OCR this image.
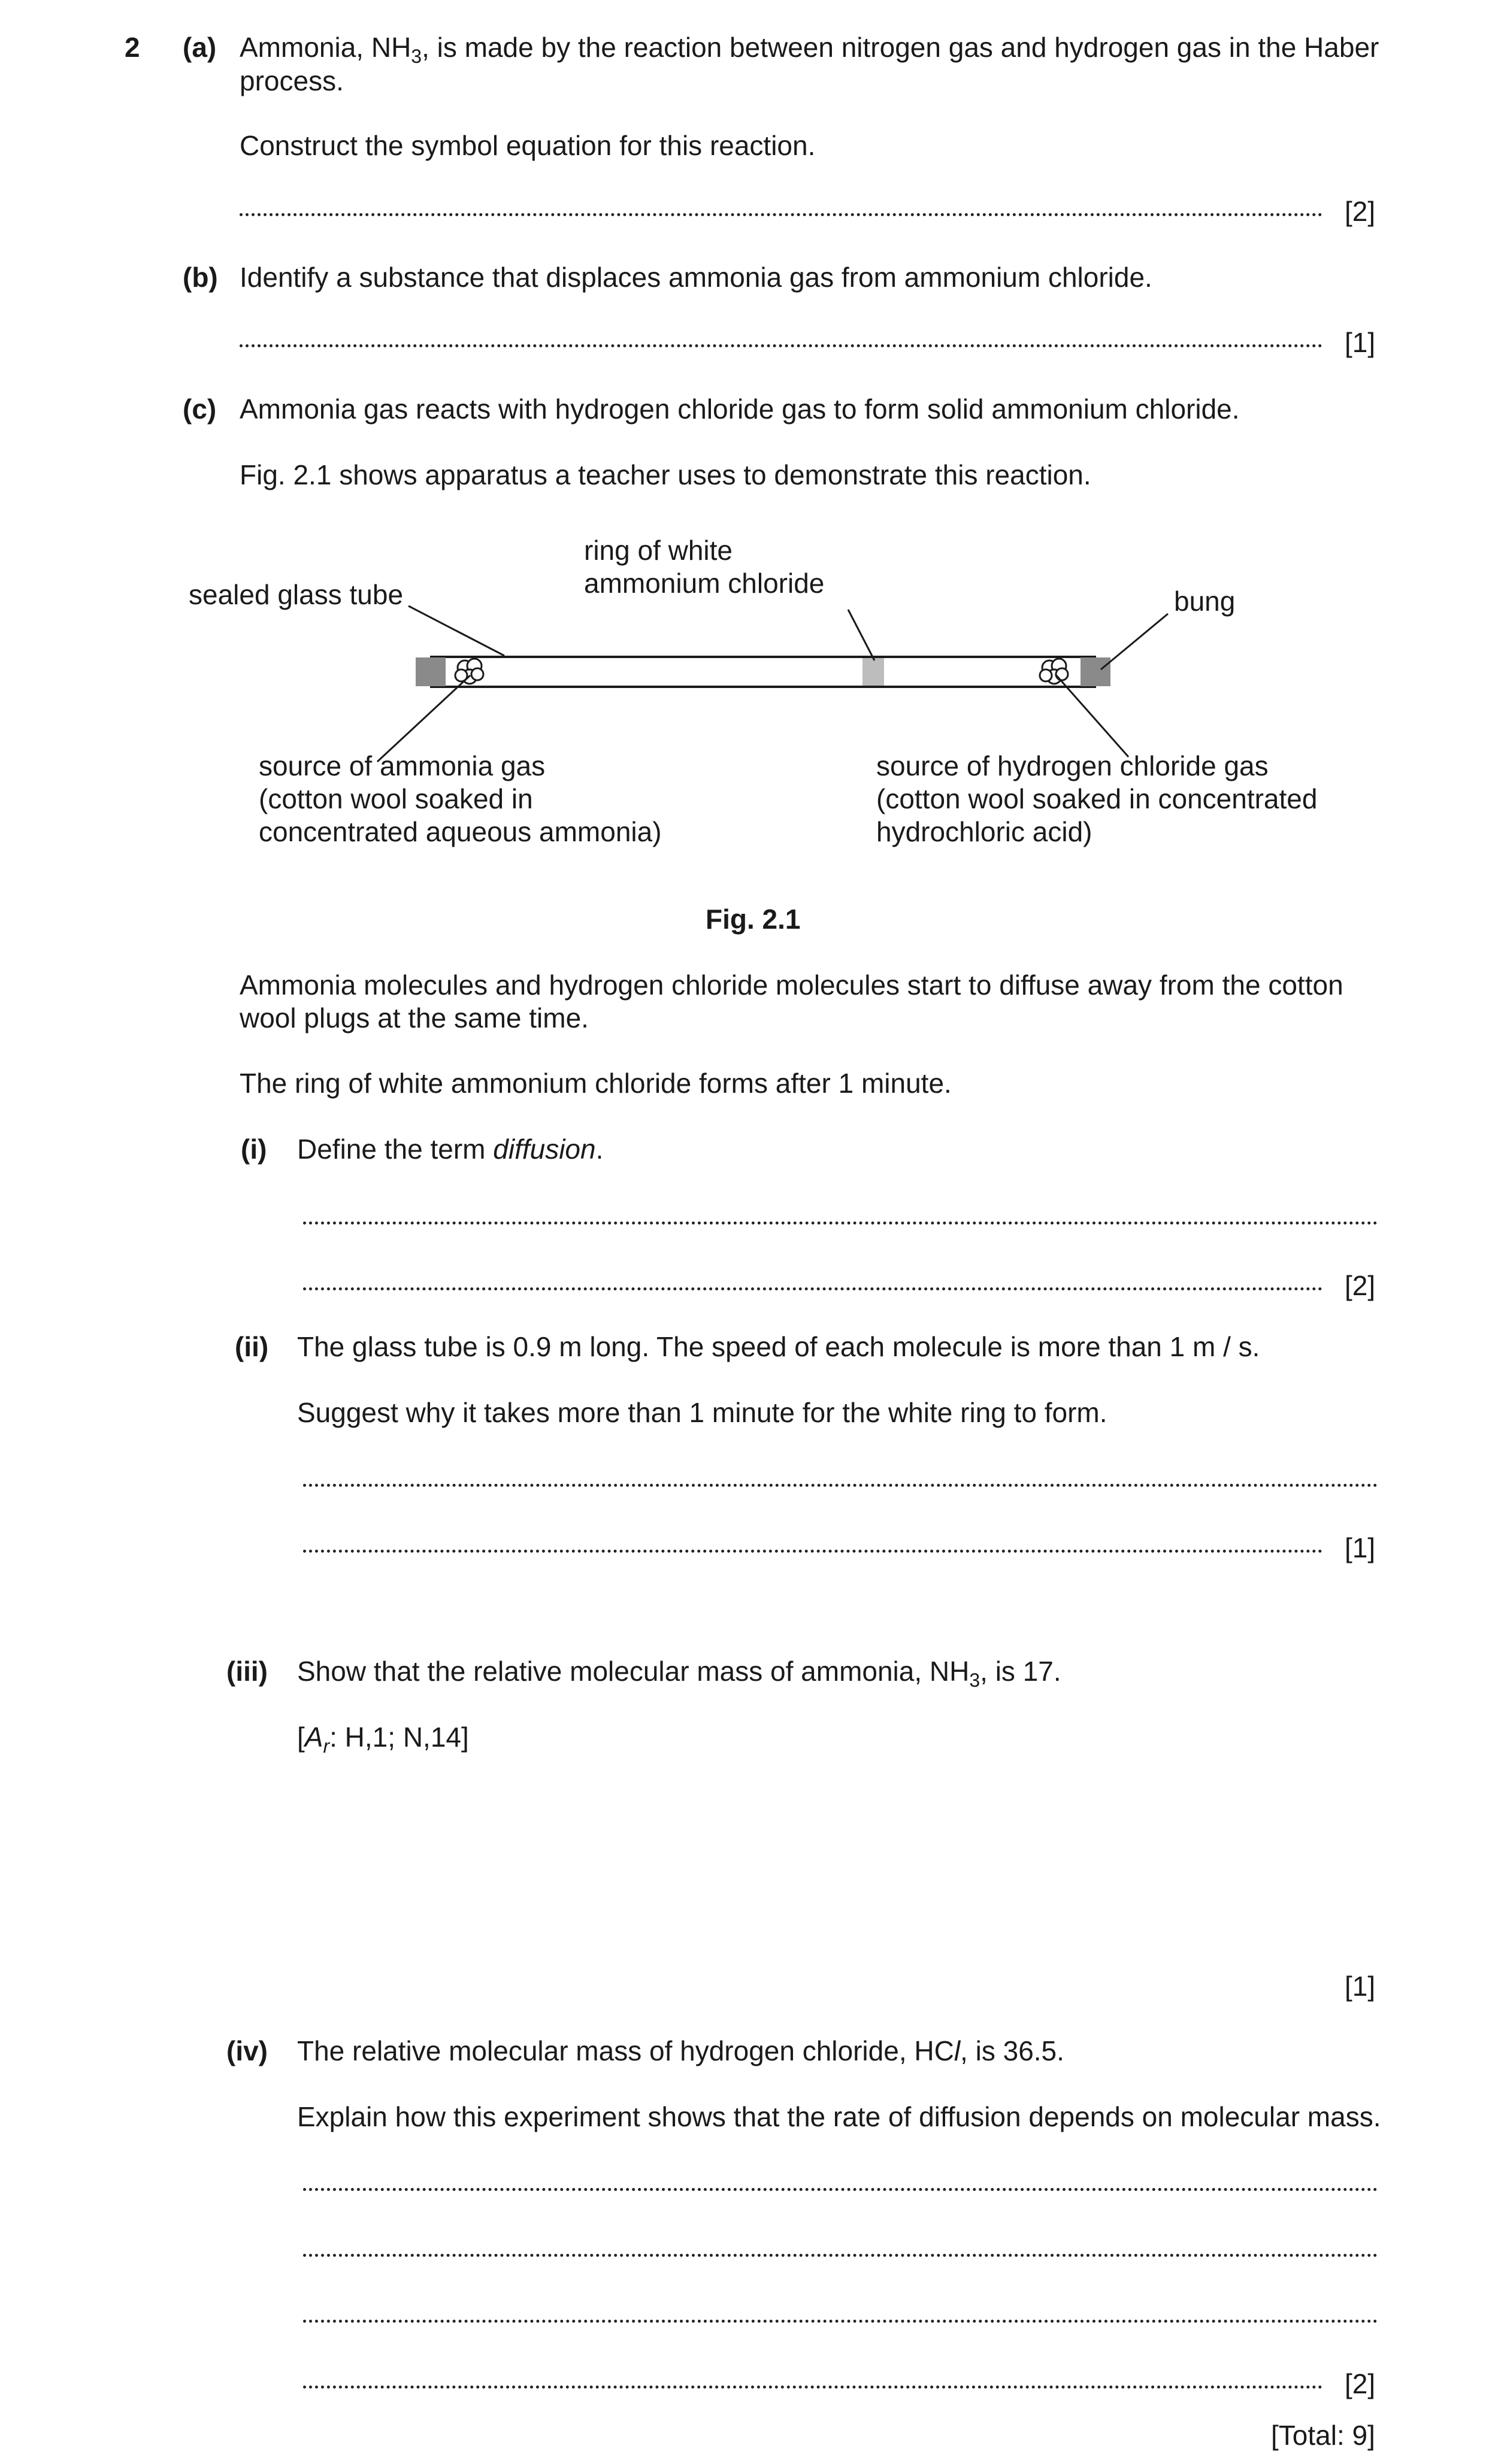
2 (a) Ammonia, $NH_3$, is made by the reaction between nitrogen gas and hydrogen gas in the Haber
process.
Construct the symbol equation for this reaction.
[2]
(b) Identify a substance that displaces ammonia gas from ammonium chloride.
[1]
(c) Ammonia gas reacts with hydrogen chloride gas to form solid ammonium chloride.
Fig. 2.1 shows apparatus a teacher uses to demonstrate this reaction.
sealed glass tube
ring of white
ammonium chloride
bung
source of ammonia gas
(cotton wool soaked in
concentrated aqueous ammonia)
source of hydrogen chloride gas
(cotton wool soaked in concentrated
hydrochloric acid)
Fig. 2.1
Ammonia molecules and hydrogen chloride molecules start to diffuse away from the cotton
wool plugs at the same time.
The ring of white ammonium chloride forms after 1 minute.
(i) Define the term diffusion.
[2]
(ii) The glass tube is 0.9 m long. The speed of each molecule is more than 1 m / s.
Suggest why it takes more than 1 minute for the white ring to form.
[1]
(iii) Show that the relative molecular mass of ammonia, $NH_3$, is 17.
[$A_r$: H,1; N,14]
[1]
(iv) The relative molecular mass of hydrogen chloride, HCl, is 36.5.
Explain how this experiment shows that the rate of diffusion depends on molecular mass.
[2]
[Total: 9]
